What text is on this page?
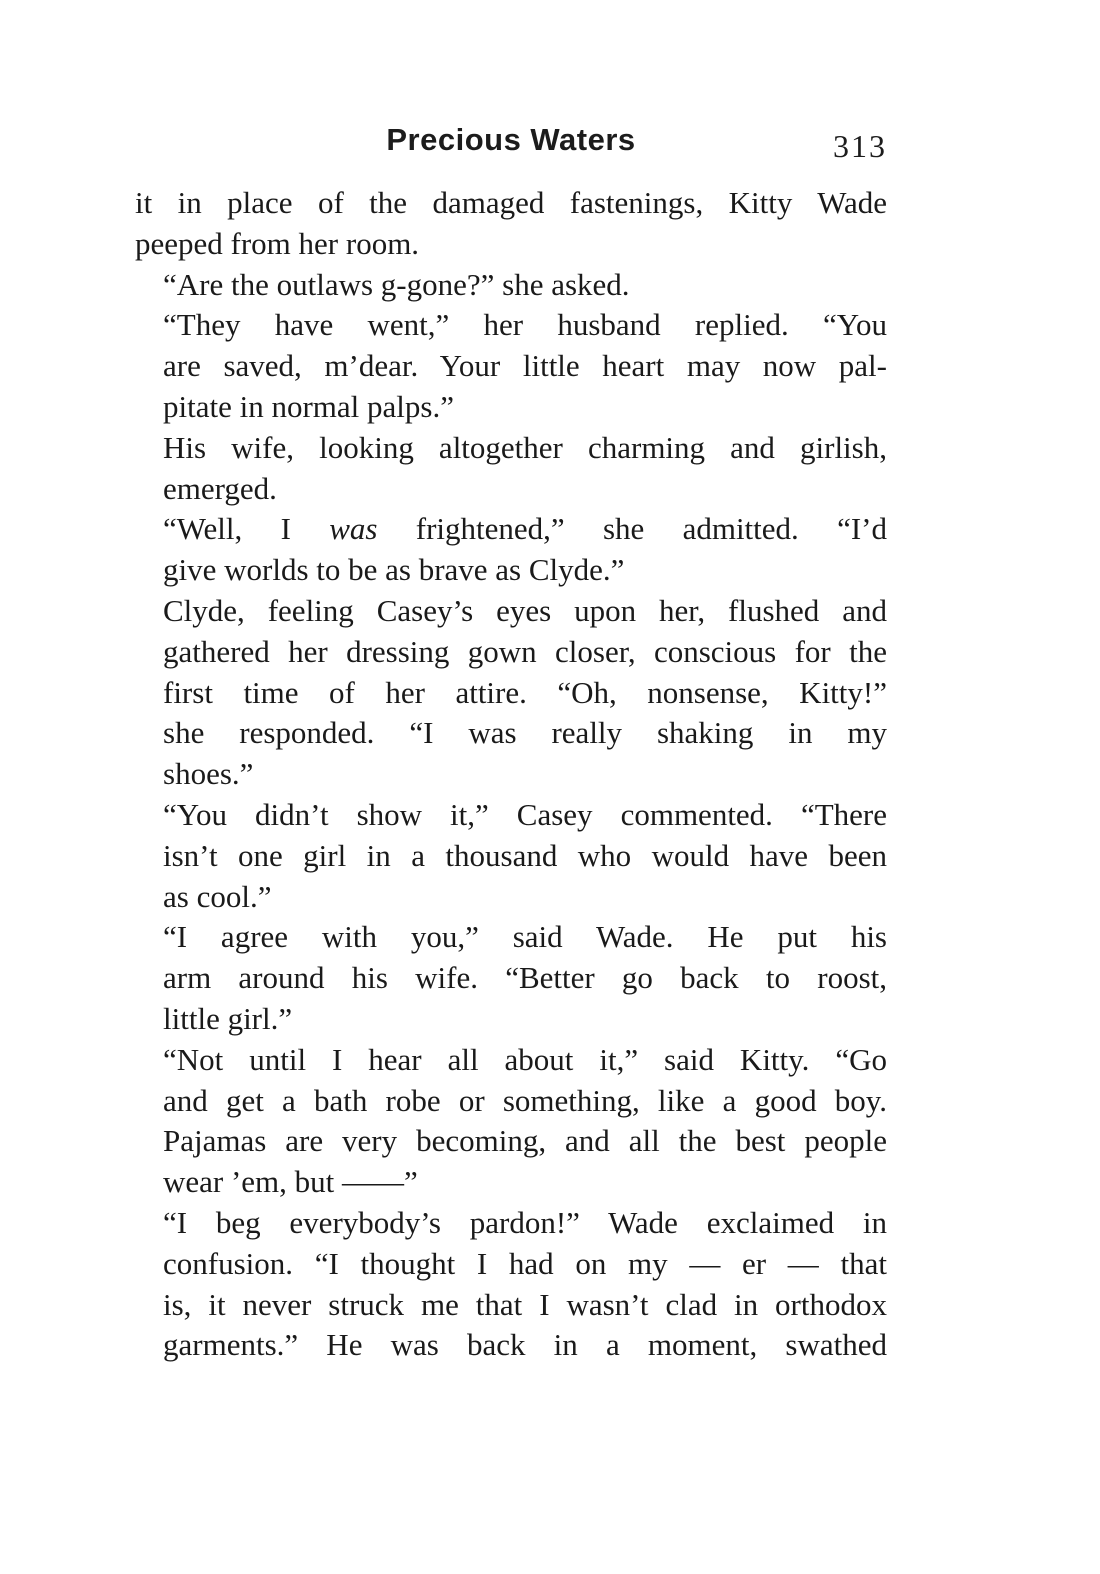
Precious Waters	313

it in place of the damaged fastenings, Kitty Wade
peeped from her room.

“Are the outlaws g-gone?” she asked.

“They have went,” her husband replied. “You
are saved, m’dear. Your little heart may now pal-
pitate in normal palps.”

His wife, looking altogether charming and girlish,
emerged.

“Well, I was frightened,” she admitted. “I’d
give worlds to be as brave as Clyde.”

Clyde, feeling Casey’s eyes upon her, flushed and
gathered her dressing gown closer, conscious for the
first time of her attire. “Oh, nonsense, Kitty!”
she responded. “I was really shaking in my
shoes.”

“You didn’t show it,” Casey commented. “There
isn’t one girl in a thousand who would have been
as cool.”

“I agree with you,” said Wade. He put his
arm around his wife. “Better go back to roost,
little girl.”

“Not until I hear all about it,” said Kitty. “Go
and get a bath robe or something, like a good boy.
Pajamas are very becoming, and all the best people
wear ’em, but ——”

“I beg everybody’s pardon!” Wade exclaimed in
confusion. “I thought I had on my — er — that
is, it never struck me that I wasn’t clad in orthodox
garments.” He was back in a moment, swathed
